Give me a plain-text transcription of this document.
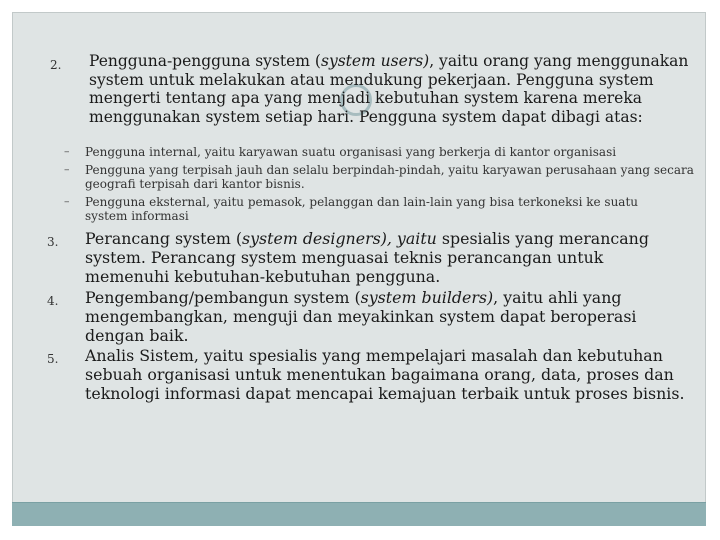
2. Pengguna-pengguna system (system users), yaitu orang yang menggunakan system untuk melakukan atau mendukung pekerjaan. Pengguna system mengerti tentang apa yang menjadi kebutuhan system karena mereka menggunakan system setiap hari. Pengguna system dapat dibagi atas:

– Pengguna internal, yaitu karyawan suatu organisasi yang berkerja di kantor organisasi

– Pengguna yang terpisah jauh dan selalu berpindah-pindah, yaitu karyawan perusahaan yang secara geografi terpisah dari kantor bisnis.

– Pengguna eksternal, yaitu pemasok, pelanggan dan lain-lain yang bisa terkoneksi ke suatu system informasi

3. Perancang system (system designers), yaitu spesialis yang merancang system. Perancang system menguasai teknis perancangan untuk memenuhi kebutuhan-kebutuhan pengguna.

4. Pengembang/pembangun system (system builders), yaitu ahli yang mengembangkan, menguji dan meyakinkan system dapat beroperasi dengan baik.

5. Analis Sistem, yaitu spesialis yang mempelajari masalah dan kebutuhan sebuah organisasi untuk menentukan bagaimana orang, data, proses dan teknologi informasi dapat mencapai kemajuan terbaik untuk proses bisnis.
